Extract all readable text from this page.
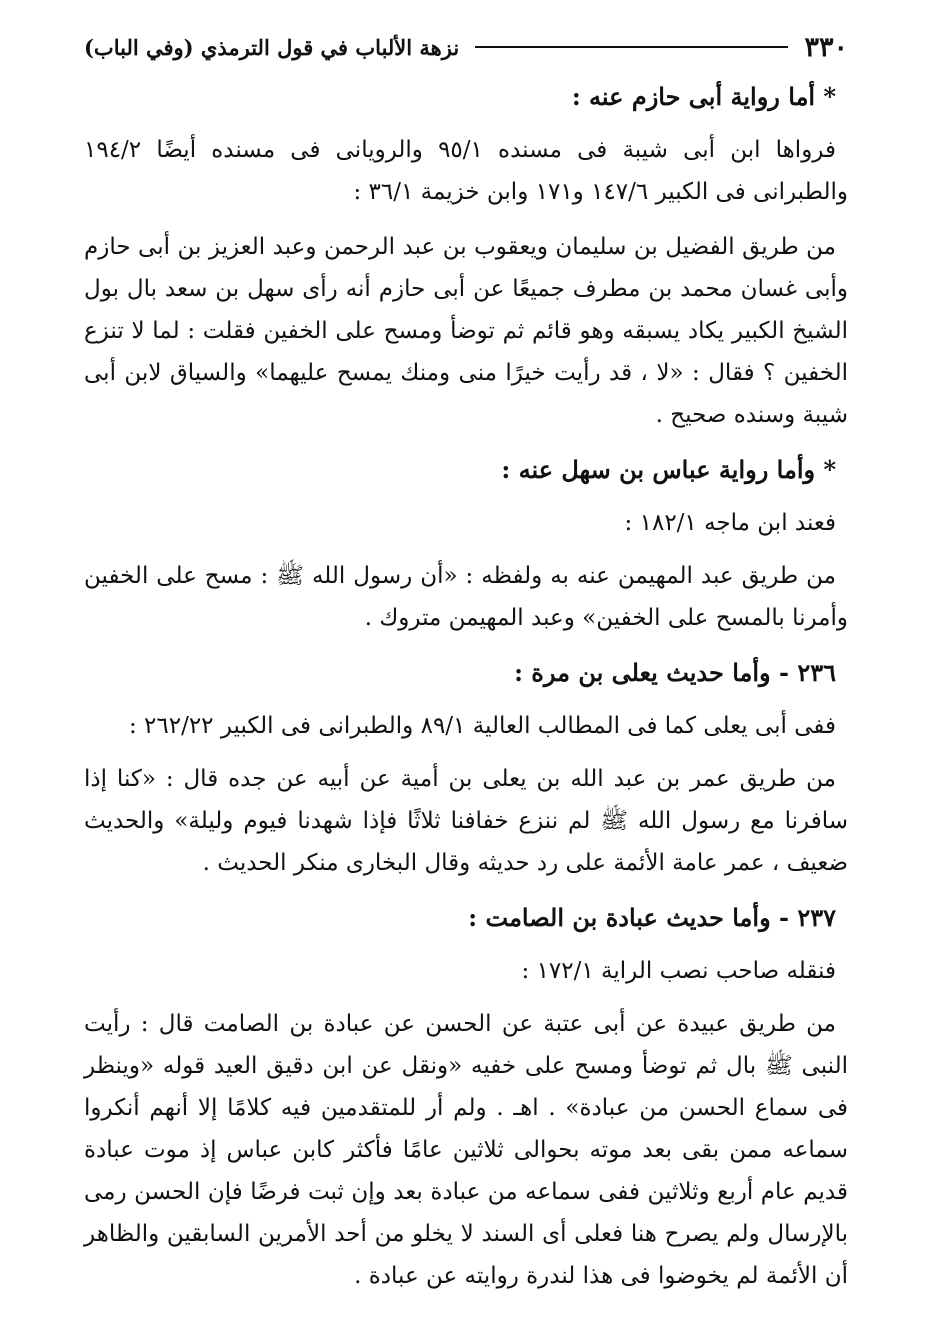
٣٣٠
نزهة الألباب في قول الترمذي (وفي الباب)
* أما رواية أبى حازم عنه :

فرواها ابن أبى شيبة فى مسنده ٩٥/١ والرويانى فى مسنده أيضًا ١٩٤/٢ والطبرانى فى الكبير ١٤٧/٦ و١٧١ وابن خزيمة ٣٦/١ :

من طريق الفضيل بن سليمان ويعقوب بن عبد الرحمن وعبد العزيز بن أبى حازم وأبى غسان محمد بن مطرف جميعًا عن أبى حازم أنه رأى سهل بن سعد بال بول الشيخ الكبير يكاد يسبقه وهو قائم ثم توضأ ومسح على الخفين فقلت : لما لا تنزع الخفين ؟ فقال : «لا ، قد رأيت خيرًا منى ومنك يمسح عليهما» والسياق لابن أبى شيبة وسنده صحيح .

* وأما رواية عباس بن سهل عنه :
فعند ابن ماجه ١٨٢/١ :

من طريق عبد المهيمن عنه به ولفظه : «أن رسول الله ﷺ : مسح على الخفين وأمرنا بالمسح على الخفين» وعبد المهيمن متروك .

٢٣٦ - وأما حديث يعلى بن مرة :
ففى أبى يعلى كما فى المطالب العالية ٨٩/١ والطبرانى فى الكبير ٢٦٢/٢٢ :

من طريق عمر بن عبد الله بن يعلى بن أمية عن أبيه عن جده قال : «كنا إذا سافرنا مع رسول الله ﷺ لم ننزع خفافنا ثلاثًا فإذا شهدنا فيوم وليلة» والحديث ضعيف ، عمر عامة الأئمة على رد حديثه وقال البخارى منكر الحديث .

٢٣٧ - وأما حديث عبادة بن الصامت :
فنقله صاحب نصب الراية ١٧٢/١ :

من طريق عبيدة عن أبى عتبة عن الحسن عن عبادة بن الصامت قال : رأيت النبى ﷺ بال ثم توضأ ومسح على خفيه «ونقل عن ابن دقيق العيد قوله «وينظر فى سماع الحسن من عبادة» . اهـ . ولم أر للمتقدمين فيه كلامًا إلا أنهم أنكروا سماعه ممن بقى بعد موته بحوالى ثلاثين عامًا فأكثر كابن عباس إذ موت عبادة قديم عام أربع وثلاثين ففى سماعه من عبادة بعد وإن ثبت فرضًا فإن الحسن رمى بالإرسال ولم يصرح هنا فعلى أى السند لا يخلو من أحد الأمرين السابقين والظاهر أن الأئمة لم يخوضوا فى هذا لندرة روايته عن عبادة .
